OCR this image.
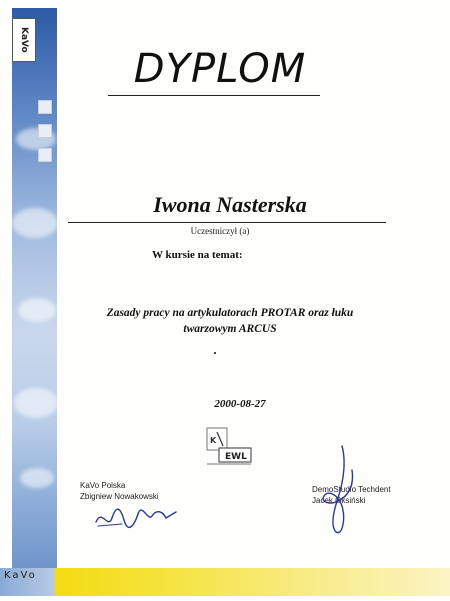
KaVo
DYPLOM
Iwona Nasterska
Uczestniczył (a)
W kursie na temat:
Zasady pracy na artykulatorach PROTAR oraz łuku
twarzowym ARCUS
2000-08-27
K
EWL
KaVo Polska
Zbigniew Nowakowski
DemoStudio Techdent
Jacek Oksiński
KaVo
